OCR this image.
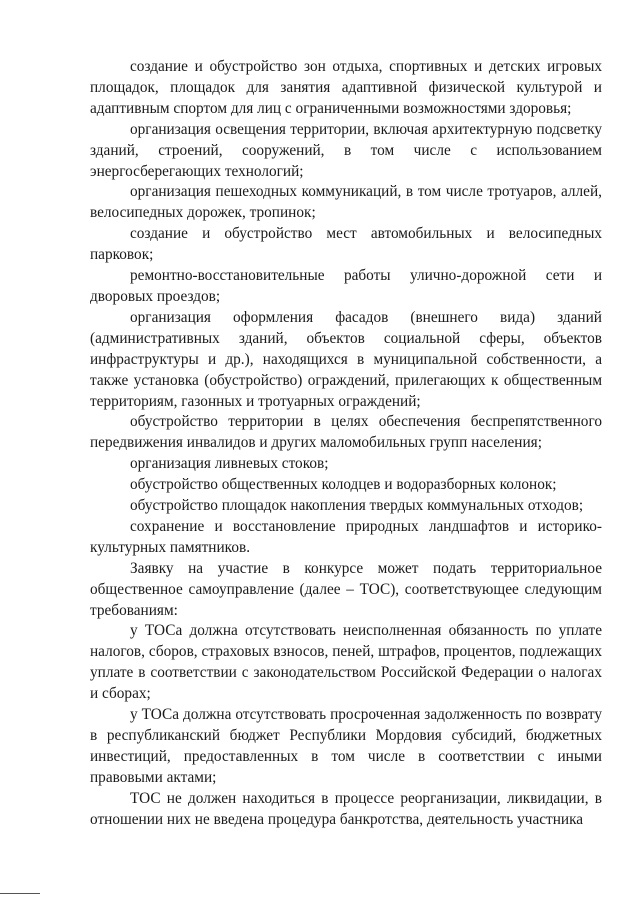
создание и обустройство зон отдыха, спортивных и детских игровых площадок, площадок для занятия адаптивной физической культурой и адаптивным спортом для лиц с ограниченными возможностями здоровья;

организация освещения территории, включая архитектурную подсветку зданий, строений, сооружений, в том числе с использованием энергосберегающих технологий;

организация пешеходных коммуникаций, в том числе тротуаров, аллей, велосипедных дорожек, тропинок;

создание и обустройство мест автомобильных и велосипедных парковок;

ремонтно-восстановительные работы улично-дорожной сети и дворовых проездов;

организация оформления фасадов (внешнего вида) зданий (административных зданий, объектов социальной сферы, объектов инфраструктуры и др.), находящихся в муниципальной собственности, а также установка (обустройство) ограждений, прилегающих к общественным территориям, газонных и тротуарных ограждений;

обустройство территории в целях обеспечения беспрепятственного передвижения инвалидов и других маломобильных групп населения;

организация ливневых стоков;

обустройство общественных колодцев и водоразборных колонок;

обустройство площадок накопления твердых коммунальных отходов;

сохранение и восстановление природных ландшафтов и историко-культурных памятников.

Заявку на участие в конкурсе может подать территориальное общественное самоуправление (далее – ТОС), соответствующее следующим требованиям:

у ТОСа должна отсутствовать неисполненная обязанность по уплате налогов, сборов, страховых взносов, пеней, штрафов, процентов, подлежащих уплате в соответствии с законодательством Российской Федерации о налогах и сборах;

у ТОСа должна отсутствовать просроченная задолженность по возврату в республиканский бюджет Республики Мордовия субсидий, бюджетных инвестиций, предоставленных в том числе в соответствии с иными правовыми актами;

ТОС не должен находиться в процессе реорганизации, ликвидации, в отношении них не введена процедура банкротства, деятельность участника
